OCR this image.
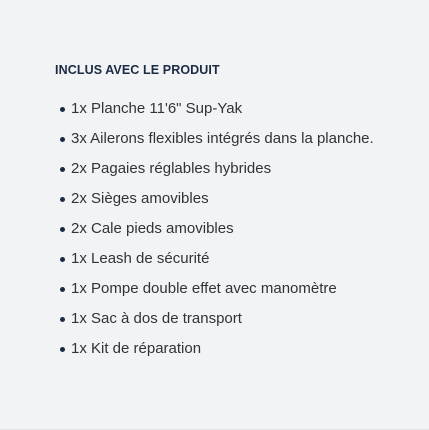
INCLUS AVEC LE PRODUIT
1x Planche 11'6" Sup-Yak
3x Ailerons flexibles intégrés dans la planche.
2x Pagaies réglables hybrides
2x Sièges amovibles
2x Cale pieds amovibles
1x Leash de sécurité
1x Pompe double effet avec manomètre
1x Sac à dos de transport
1x Kit de réparation
